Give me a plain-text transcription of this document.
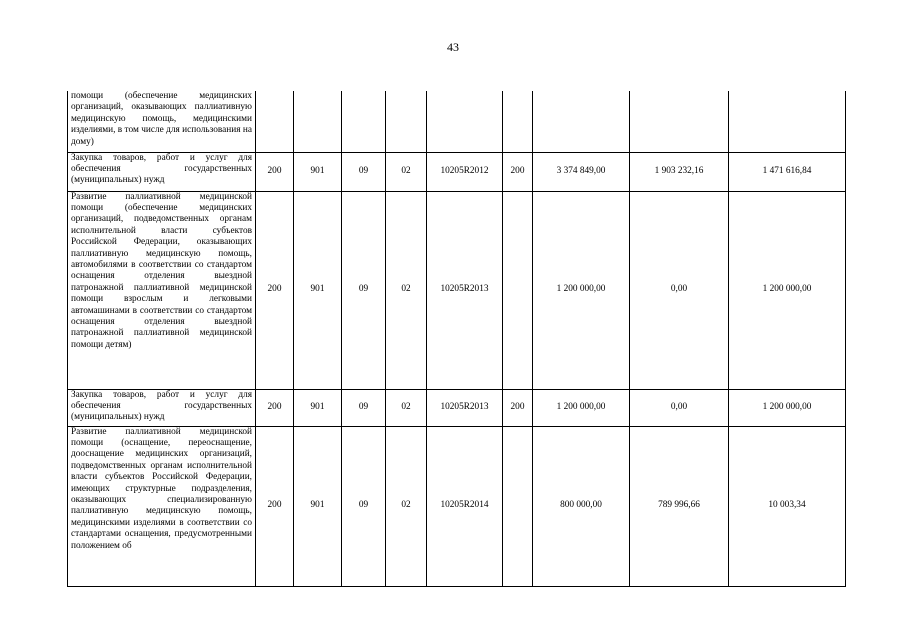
43
помощи (обеспечение медицинских организаций, оказывающих паллиативную медицинскую помощь, медицинскими изделиями, в том числе для использования на дому)									
Закупка товаров, работ и услуг для обеспечения государственных (муниципальных) нужд	200	901	09	02	10205R2012	200	3 374 849,00	1 903 232,16	1 471 616,84
Развитие паллиативной медицинской помощи (обеспечение медицинских организаций, подведомственных органам исполнительной власти субъектов Российской Федерации, оказывающих паллиативную медицинскую помощь, автомобилями в соответствии со стандартом оснащения отделения выездной патронажной паллиативной медицинской помощи взрослым и легковыми автомашинами в соответствии со стандартом оснащения отделения выездной патронажной паллиативной медицинской помощи детям)	200	901	09	02	10205R2013		1 200 000,00	0,00	1 200 000,00
Закупка товаров, работ и услуг для обеспечения государственных (муниципальных) нужд	200	901	09	02	10205R2013	200	1 200 000,00	0,00	1 200 000,00
Развитие паллиативной медицинской помощи (оснащение, переоснащение, дооснащение медицинских организаций, подведомственных органам исполнительной власти субъектов Российской Федерации, имеющих структурные подразделения, оказывающих специализированную паллиативную медицинскую помощь, медицинскими изделиями в соответствии со стандартами оснащения, предусмотренными положением об	200	901	09	02	10205R2014		800 000,00	789 996,66	10 003,34
